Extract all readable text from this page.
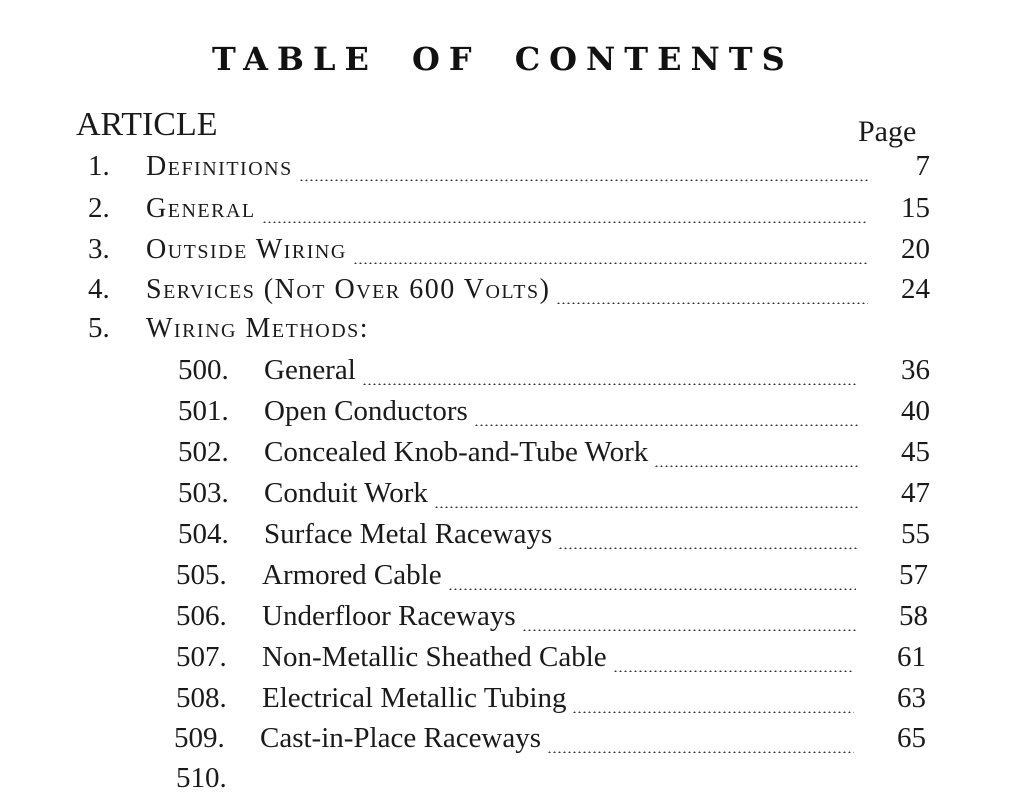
TABLE OF CONTENTS
ARTICLE	Page
1.	Definitions	7
2.	General	15
3.	Outside Wiring	20
4.	Services (Not Over 600 Volts)	24
5.	Wiring Methods:
500.	General	36
501.	Open Conductors	40
502.	Concealed Knob-and-Tube Work	45
503.	Conduit Work	47
504.	Surface Metal Raceways	55
505.	Armored Cable	57
506.	Underfloor Raceways	58
507.	Non-Metallic Sheathed Cable	61
508.	Electrical Metallic Tubing	63
509.	Cast-in-Place Raceways	65
510.
